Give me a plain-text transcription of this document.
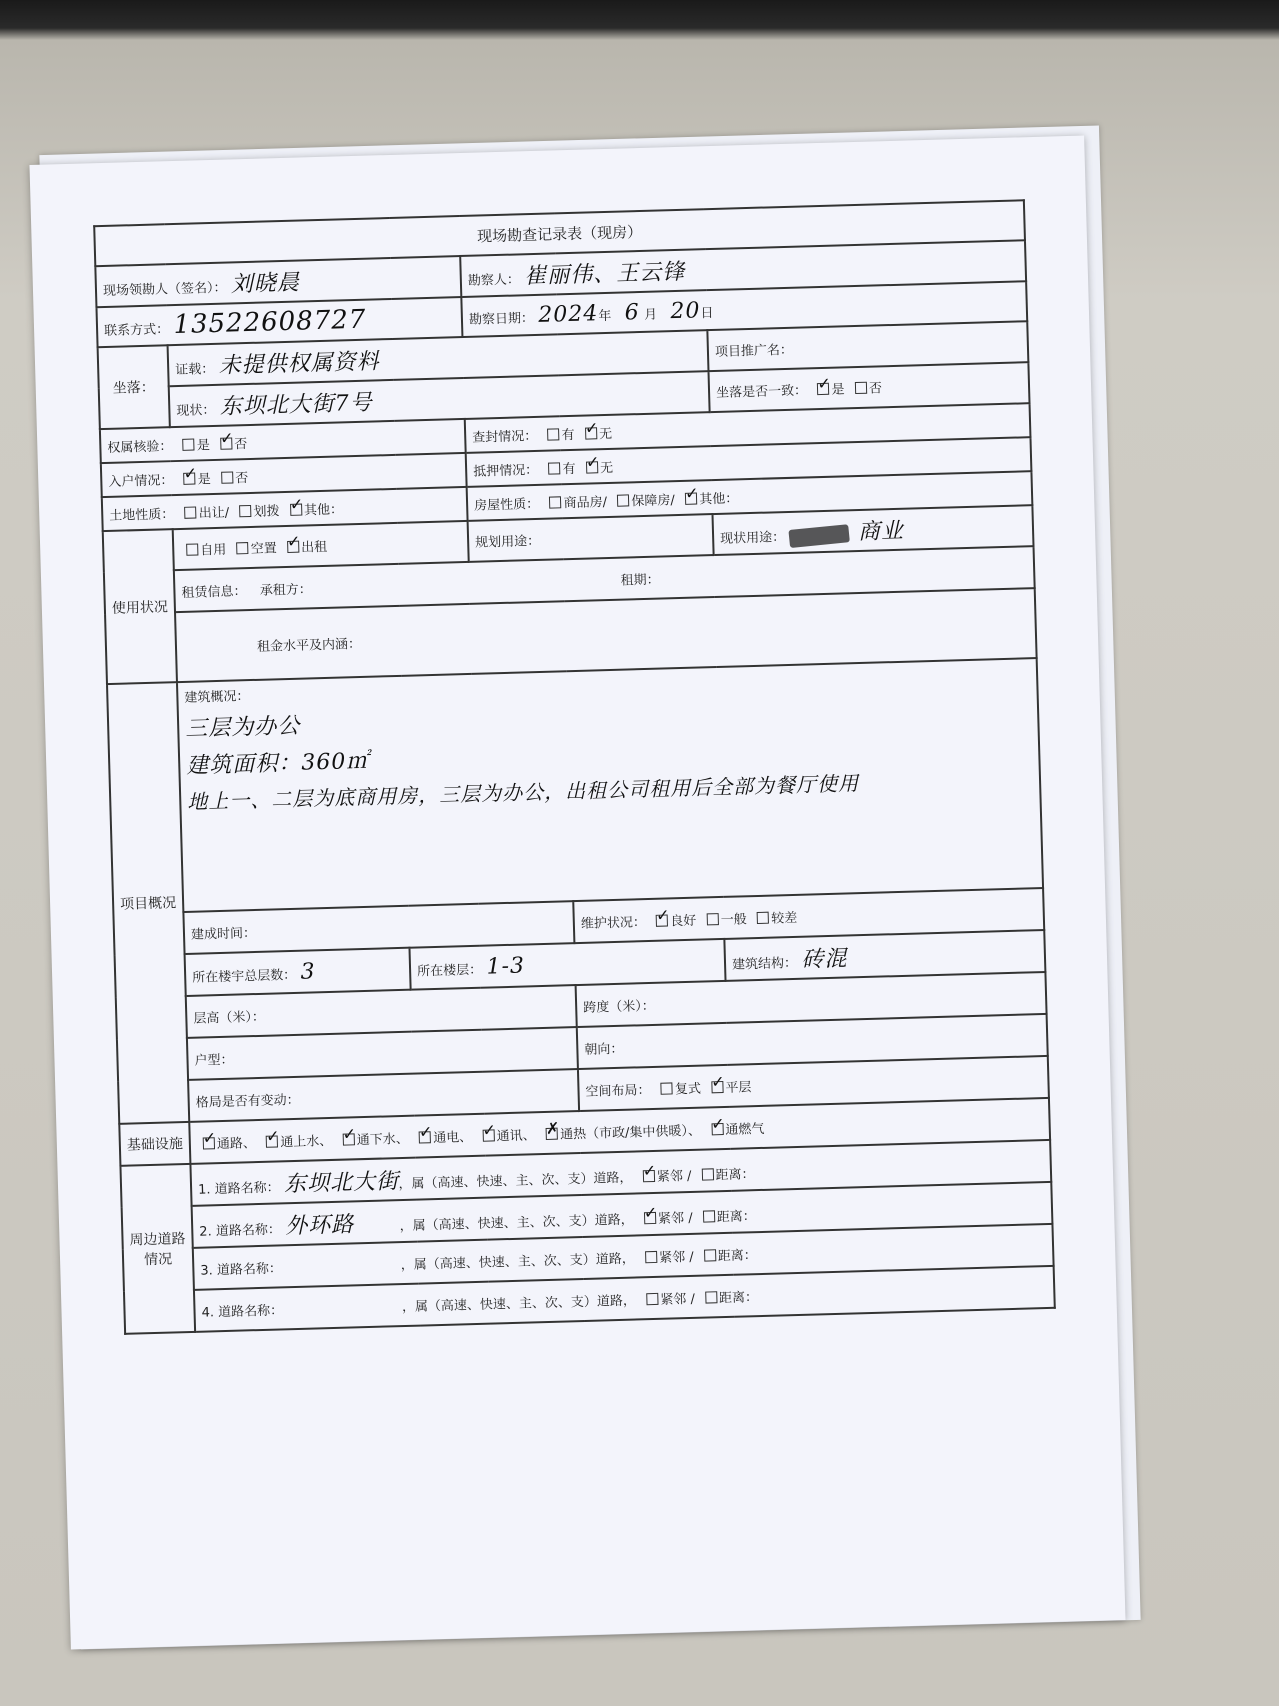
现场勘查记录表（现房）					
现场领勘人（签名）： 刘晓晨			勘察人： 崔丽伟、王云锋		
联系方式： 13522608727			勘察日期： 2024年 6 月 20日		
坐落：	证载： 未提供权属资料				项目推广名：
	现状： 东坝北大街7号				坐落是否一致： ✓ 是 否
权属核验： 是 ✓ 否			查封情况： 有 ✓ 无
入户情况： ✓ 是 否			抵押情况： 有 ✓ 无
土地性质： 出让/ 划拨 ✓ 其他：			房屋性质： 商品房/ 保障房/ ✓ 其他：
使用状况	自用 空置 ✓ 出租		规划用途：		现状用途： 商业
	租赁信息： 承租方：  租期：				
	租金水平及内涵：				
项目概况	建筑概况：
三层为办公
建筑面积：360㎡
地上一、二层为底商用房，三层为办公，出租公司租用后全部为餐厅使用				

	建成时间：			维护状况： ✓ 良好 一般 较差
	所在楼宇总层数： 3	所在楼层： 1-3			建筑结构： 砖混
	层高（米）：			跨度（米）：	
	户型：			朝向：	
	格局是否有变动：			空间布局： 复式 ✓ 平层
基础设施	✓通路、 ✓ 通上水、 ✓ 通下水、 ✓ 通电、 ✓ 通讯、 ✗ 通热（市政/集中供暖）、 ✓ 通燃气
周边道路情况	1. 道路名称： 东坝北大街 ，属（高速、快速、主、次、支）道路， ✓ 紧邻 / 距离：
	2. 道路名称： 外环路 ，属（高速、快速、主、次、支）道路， ✓ 紧邻 / 距离：
	3. 道路名称： ，属（高速、快速、主、次、支）道路， 紧邻 / 距离：				
	4. 道路名称： ，属（高速、快速、主、次、支）道路， 紧邻 / 距离：				
